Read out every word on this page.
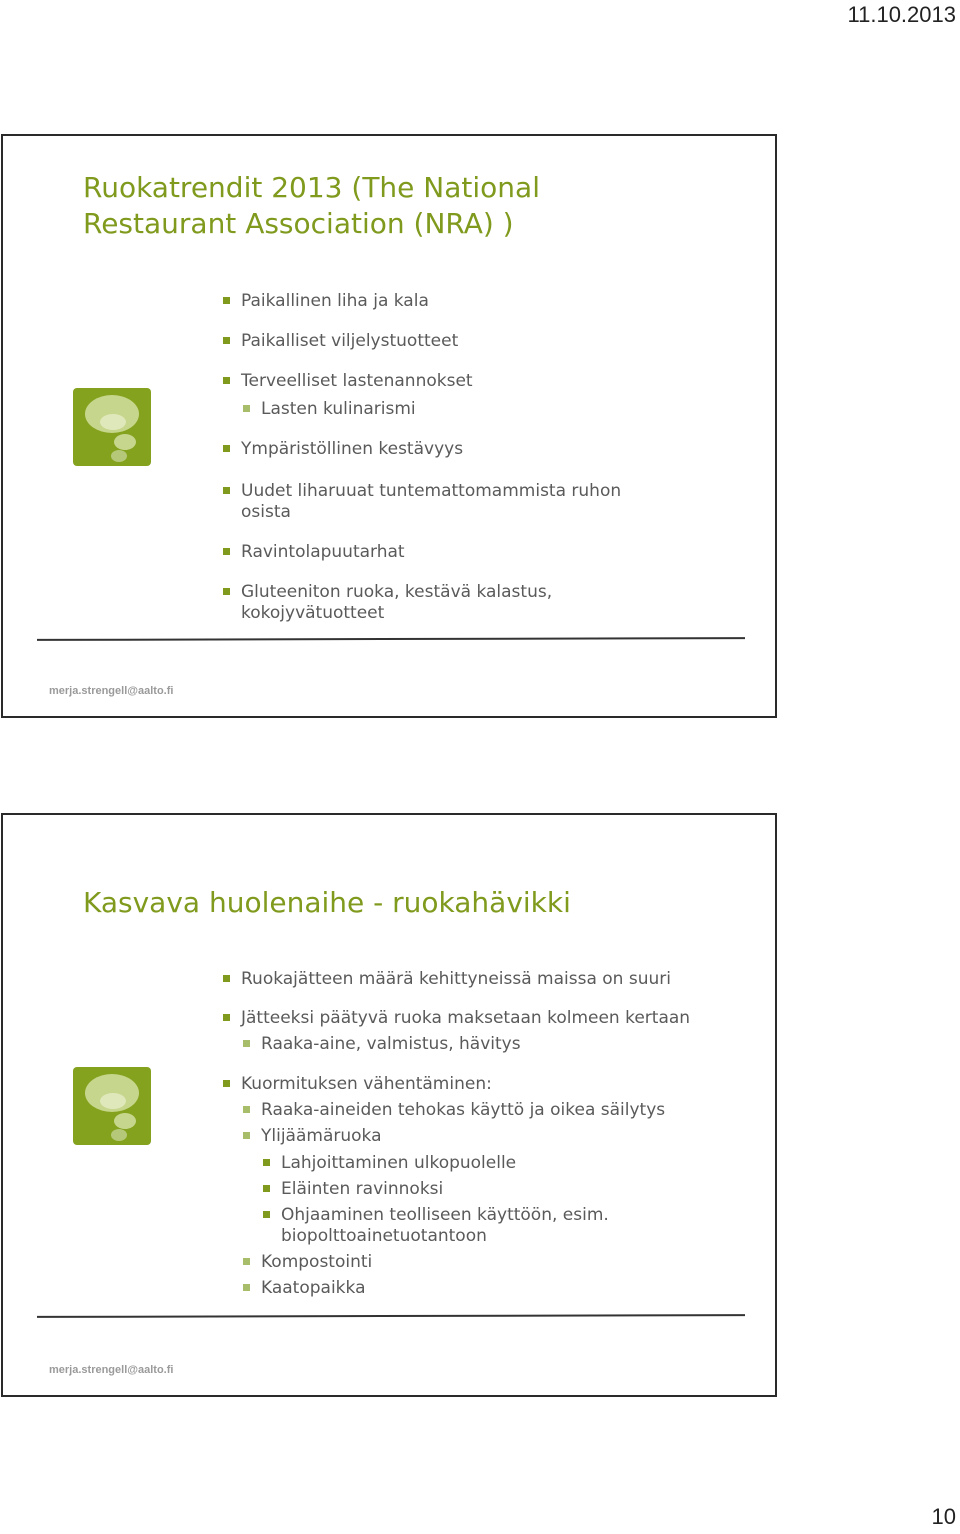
11.10.2013
Ruokatrendit 2013 (The National
Restaurant Association (NRA) )
Paikallinen liha ja kala
Paikalliset viljelystuotteet
Terveelliset lastenannokset
Lasten kulinarismi
Ympäristöllinen kestävyys
Uudet liharuuat tuntemattomammista ruhon
osista
Ravintolapuutarhat
Gluteeniton ruoka, kestävä kalastus,
kokojyvätuotteet
merja.strengell@aalto.fi
Kasvava huolenaihe - ruokahävikki
Ruokajätteen määrä kehittyneissä maissa on suuri
Jätteeksi päätyvä ruoka maksetaan kolmeen kertaan
Raaka-aine, valmistus, hävitys
Kuormituksen vähentäminen:
Raaka-aineiden tehokas käyttö ja oikea säilytys
Ylijäämäruoka
Lahjoittaminen ulkopuolelle
Eläinten ravinnoksi
Ohjaaminen teolliseen käyttöön, esim.
biopolttoainetuotantoon
Kompostointi
Kaatopaikka
merja.strengell@aalto.fi
10
